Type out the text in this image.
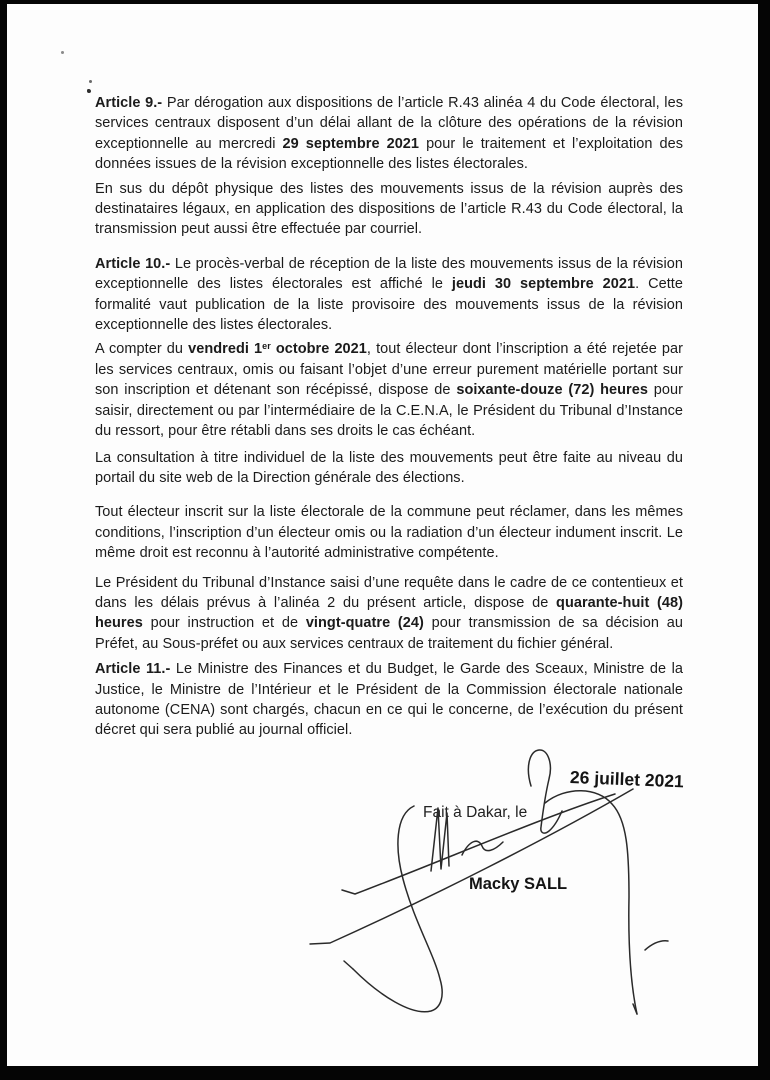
Article 9.- Par dérogation aux dispositions de l’article R.43 alinéa 4 du Code électoral, les services centraux disposent d’un délai allant de la clôture des opérations de la révision exceptionnelle au mercredi 29 septembre 2021 pour le traitement et l’exploitation des données issues de la révision exceptionnelle des listes électorales.

En sus du dépôt physique des listes des mouvements issus de la révision auprès des destinataires légaux, en application des dispositions de l’article R.43 du Code électoral, la transmission peut aussi être effectuée par courriel.

Article 10.- Le procès-verbal de réception de la liste des mouvements issus de la révision exceptionnelle des listes électorales est affiché le jeudi 30 septembre 2021. Cette formalité vaut publication de la liste provisoire des mouvements issus de la révision exceptionnelle des listes électorales.

A compter du vendredi 1er octobre 2021, tout électeur dont l’inscription a été rejetée par les services centraux, omis ou faisant l’objet d’une erreur purement matérielle portant sur son inscription et détenant son récépissé, dispose de soixante-douze (72) heures pour saisir, directement ou par l’intermédiaire de la C.E.N.A, le Président du Tribunal d’Instance du ressort, pour être rétabli dans ses droits le cas échéant.

La consultation à titre individuel de la liste des mouvements peut être faite au niveau du portail du site web de la Direction générale des élections.

Tout électeur inscrit sur la liste électorale de la commune peut réclamer, dans les mêmes conditions, l’inscription d’un électeur omis ou la radiation d’un électeur indument inscrit. Le même droit est reconnu à l’autorité administrative compétente.

Le Président du Tribunal d’Instance saisi d’une requête dans le cadre de ce contentieux et dans les délais prévus à l’alinéa 2 du présent article, dispose de quarante-huit (48) heures pour instruction et de vingt-quatre (24) pour transmission de sa décision au Préfet, au Sous-préfet ou aux services centraux de traitement du fichier général.

Article 11.- Le Ministre des Finances et du Budget, le Garde des Sceaux, Ministre de la Justice, le Ministre de l’Intérieur et le Président de la Commission électorale nationale autonome (CENA) sont chargés, chacun en ce qui le concerne, de l’exécution du présent décret qui sera publié au journal officiel.

26 juillet 2021
Fait à Dakar, le
Macky SALL
